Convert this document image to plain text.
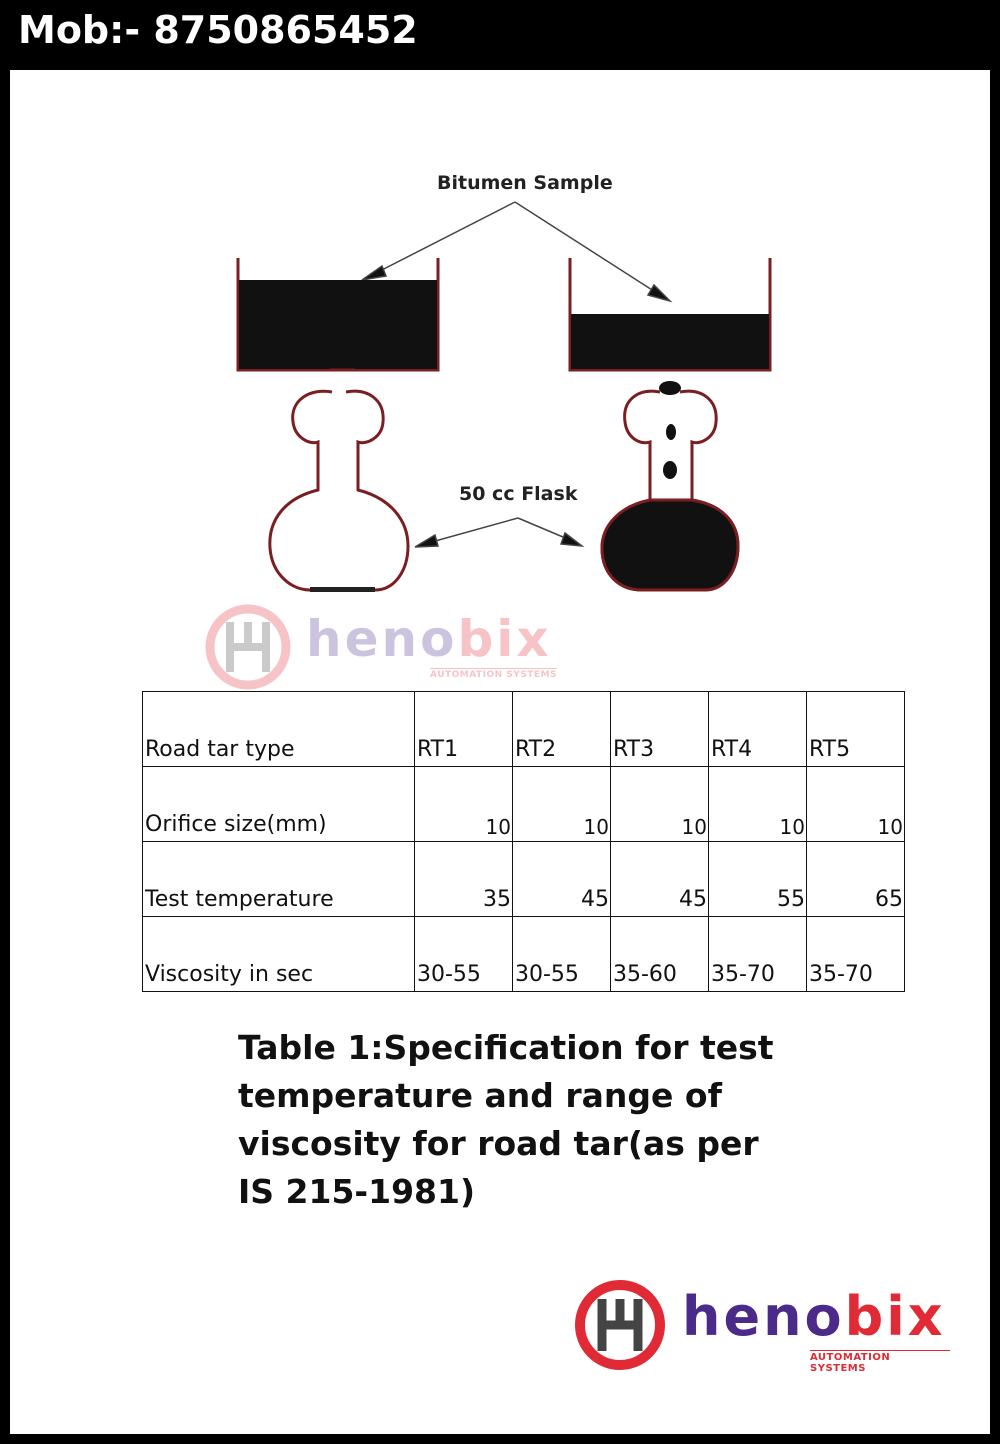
Mob:- 8750865452
Bitumen Sample
50 cc Flask
henobix
AUTOMATION SYSTEMS
Road tar type	RT1	RT2	RT3	RT4	RT5
Orifice size(mm)	10	10	10	10	10
Test temperature	35	45	45	55	65
Viscosity in sec	30-55	30-55	35-60	35-70	35-70
Table 1:Specification for test temperature and range of viscosity for road tar(as per IS 215-1981)
henobix
AUTOMATION SYSTEMS
